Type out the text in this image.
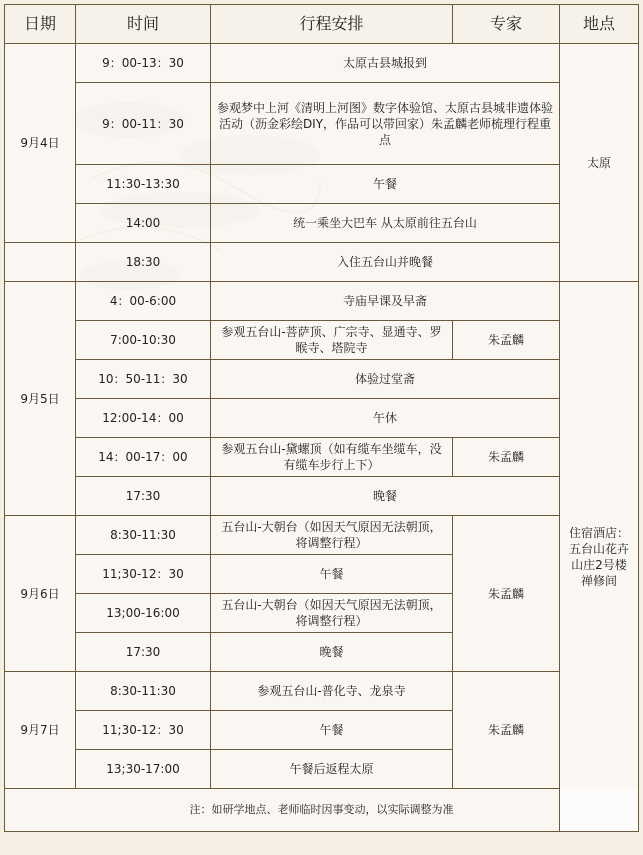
日期	时间	行程安排	专家	地点
9月4日	9：00-13：30	太原古县城报到		太原
	9：00-11：30	参观梦中上河《清明上河图》数字体验馆、太原古县城非遗体验活动（沥金彩绘DIY，作品可以带回家）朱孟麟老师梳理行程重点		
	11:30-13:30	午餐		
	14:00	统一乘坐大巴车 从太原前往五台山		
	18:30	入住五台山并晚餐		
9月5日	4：00-6:00	寺庙早课及早斋		住宿酒店：五台山花卉山庄2号楼禅修间
	7:00-10:30	参观五台山-菩萨顶、广宗寺、显通寺、罗睺寺、塔院寺	朱孟麟	
	10：50-11：30	体验过堂斋		
	12:00-14：00	午休		
	14：00-17：00	参观五台山-黛螺顶（如有缆车坐缆车，没有缆车步行上下）	朱孟麟	
	17:30	晚餐		
9月6日	8:30-11:30	五台山-大朝台（如因天气原因无法朝顶，将调整行程）	朱孟麟	
	11;30-12：30	午餐		
	13;00-16:00	五台山-大朝台（如因天气原因无法朝顶，将调整行程）		
	17:30	晚餐		
9月7日	8:30-11:30	参观五台山-普化寺、龙泉寺	朱孟麟	
	11;30-12：30	午餐		
	13;30-17:00	午餐后返程太原		
注：如研学地点、老师临时因事变动，以实际调整为准				
